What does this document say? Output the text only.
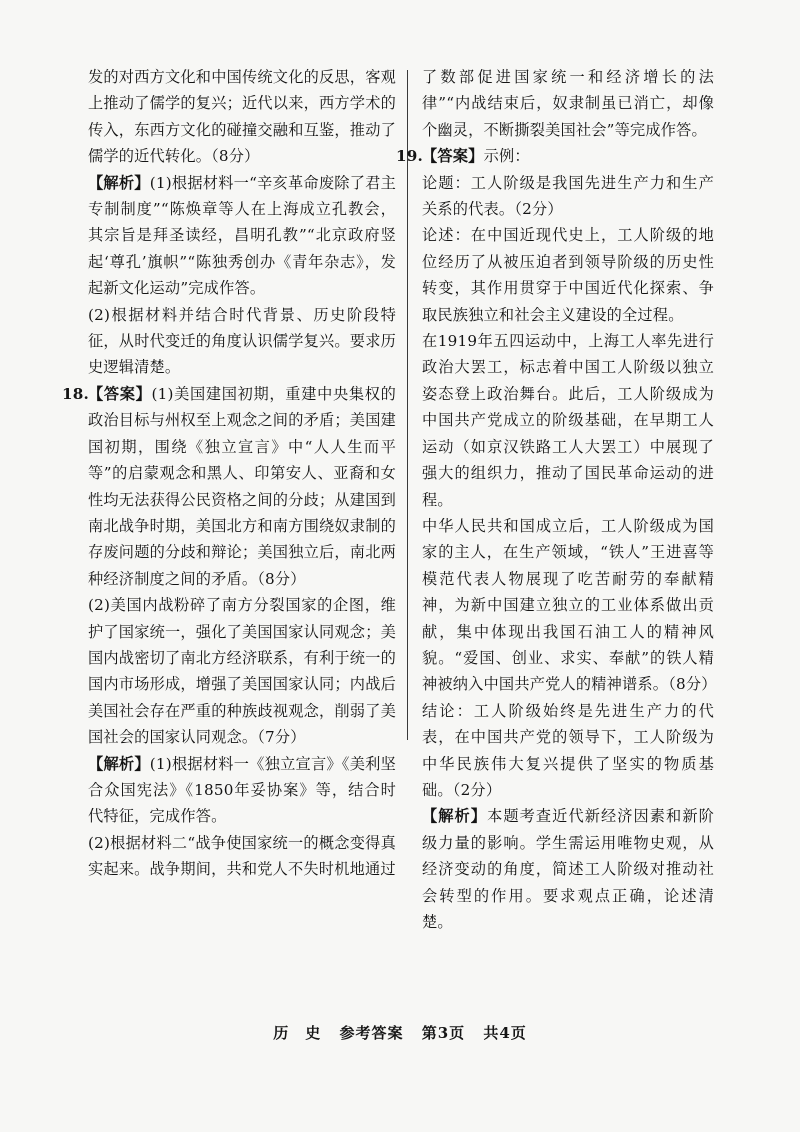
发的对西方文化和中国传统文化的反思，客观上推动了儒学的复兴；近代以来，西方学术的传入，东西方文化的碰撞交融和互鉴，推动了儒学的近代转化。（8分）

【解析】(1)根据材料一“辛亥革命废除了君主专制制度”“陈焕章等人在上海成立孔教会，其宗旨是拜圣读经，昌明孔教”“北京政府竖起‘尊孔’旗帜”“陈独秀创办《青年杂志》，发起新文化运动”完成作答。

(2)根据材料并结合时代背景、历史阶段特征，从时代变迁的角度认识儒学复兴。要求历史逻辑清楚。

18.

【答案】(1)美国建国初期，重建中央集权的政治目标与州权至上观念之间的矛盾；美国建国初期，围绕《独立宣言》中“人人生而平等”的启蒙观念和黑人、印第安人、亚裔和女性均无法获得公民资格之间的分歧；从建国到南北战争时期，美国北方和南方围绕奴隶制的存废问题的分歧和辩论；美国独立后，南北两种经济制度之间的矛盾。（8分）

(2)美国内战粉碎了南方分裂国家的企图，维护了国家统一，强化了美国国家认同观念；美国内战密切了南北方经济联系，有利于统一的国内市场形成，增强了美国国家认同；内战后美国社会存在严重的种族歧视观念，削弱了美国社会的国家认同观念。（7分）

【解析】(1)根据材料一《独立宣言》《美利坚合众国宪法》《1850年妥协案》等，结合时代特征，完成作答。

(2)根据材料二“战争使国家统一的概念变得真实起来。战争期间，共和党人不失时机地通过

了数部促进国家统一和经济增长的法律”“内战结束后，奴隶制虽已消亡，却像个幽灵，不断撕裂美国社会”等完成作答。

19.

【答案】示例：

论题：工人阶级是我国先进生产力和生产关系的代表。（2分）

论述：在中国近现代史上，工人阶级的地位经历了从被压迫者到领导阶级的历史性转变，其作用贯穿于中国近代化探索、争取民族独立和社会主义建设的全过程。

在1919年五四运动中，上海工人率先进行政治大罢工，标志着中国工人阶级以独立姿态登上政治舞台。此后，工人阶级成为中国共产党成立的阶级基础，在早期工人运动（如京汉铁路工人大罢工）中展现了强大的组织力，推动了国民革命运动的进程。

中华人民共和国成立后，工人阶级成为国家的主人，在生产领域，“铁人”王进喜等模范代表人物展现了吃苦耐劳的奉献精神，为新中国建立独立的工业体系做出贡献，集中体现出我国石油工人的精神风貌。“爱国、创业、求实、奉献”的铁人精神被纳入中国共产党人的精神谱系。（8分）

结论：工人阶级始终是先进生产力的代表，在中国共产党的领导下，工人阶级为中华民族伟大复兴提供了坚实的物质基础。（2分）

【解析】本题考查近代新经济因素和新阶级力量的影响。学生需运用唯物史观，从经济变动的角度，简述工人阶级对推动社会转型的作用。要求观点正确，论述清楚。

历　史 参考答案 第3页 共4页
